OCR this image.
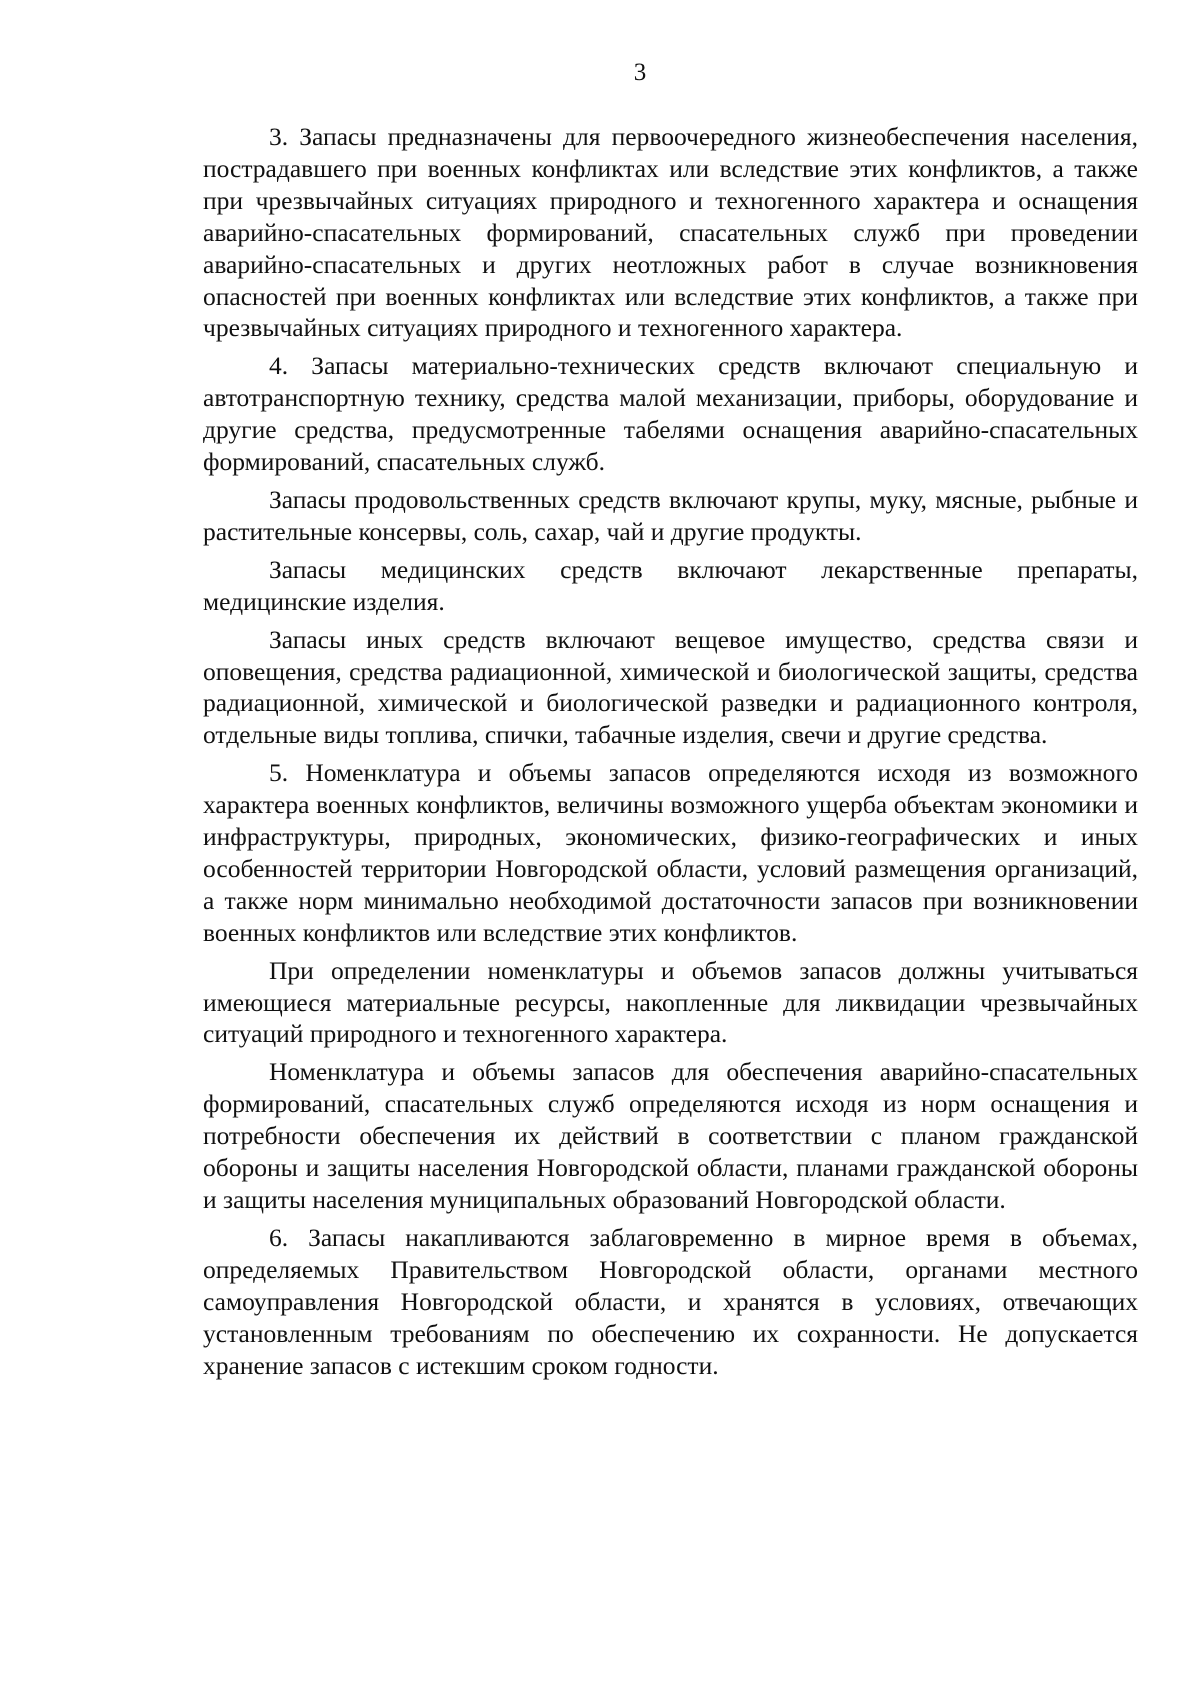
3

3. Запасы предназначены для первоочередного жизнеобеспечения населения, пострадавшего при военных конфликтах или вследствие этих конфликтов, а также при чрезвычайных ситуациях природного и техногенного характера и оснащения аварийно-спасательных формирований, спасательных служб при проведении аварийно-спасательных и других неотложных работ в случае возникновения опасностей при военных конфликтах или вследствие этих конфликтов, а также при чрезвычайных ситуациях природного и техногенного характера.

4. Запасы материально-технических средств включают специальную и автотранспортную технику, средства малой механизации, приборы, оборудование и другие средства, предусмотренные табелями оснащения аварийно-спасательных формирований, спасательных служб.

Запасы продовольственных средств включают крупы, муку, мясные, рыбные и растительные консервы, соль, сахар, чай и другие продукты.

Запасы медицинских средств включают лекарственные препараты, медицинские изделия.

Запасы иных средств включают вещевое имущество, средства связи и оповещения, средства радиационной, химической и биологической защиты, средства радиационной, химической и биологической разведки и радиационного контроля, отдельные виды топлива, спички, табачные изделия, свечи и другие средства.

5. Номенклатура и объемы запасов определяются исходя из возможного характера военных конфликтов, величины возможного ущерба объектам экономики и инфраструктуры, природных, экономических, физико-географических и иных особенностей территории Новгородской области, условий размещения организаций, а также норм минимально необходимой достаточности запасов при возникновении военных конфликтов или вследствие этих конфликтов.

При определении номенклатуры и объемов запасов должны учитываться имеющиеся материальные ресурсы, накопленные для ликвидации чрезвычайных ситуаций природного и техногенного характера.

Номенклатура и объемы запасов для обеспечения аварийно-спасательных формирований, спасательных служб определяются исходя из норм оснащения и потребности обеспечения их действий в соответствии с планом гражданской обороны и защиты населения Новгородской области, планами гражданской обороны и защиты населения муниципальных образований Новгородской области.

6. Запасы накапливаются заблаговременно в мирное время в объемах, определяемых Правительством Новгородской области, органами местного самоуправления Новгородской области, и хранятся в условиях, отвечающих установленным требованиям по обеспечению их сохранности. Не допускается хранение запасов с истекшим сроком годности.
